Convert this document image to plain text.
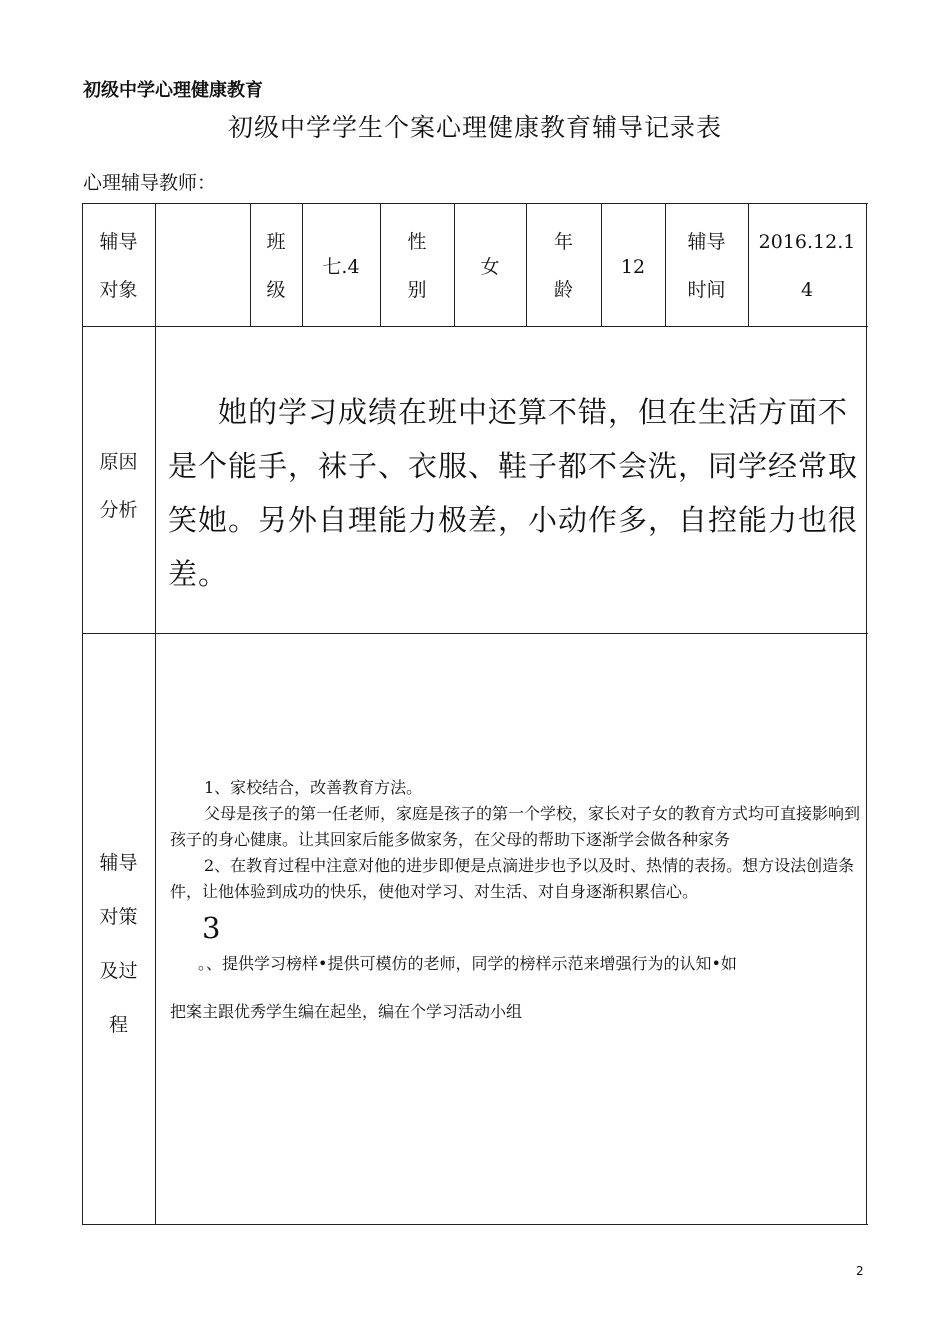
初级中学心理健康教育
初级中学学生个案心理健康教育辅导记录表
心理辅导教师：
辅导
对象
班
级
七.4
性
别
女
年
龄
12
辅导
时间
2016.12.1
4
原因
分析
她的学习成绩在班中还算不错，但在生活方面不是个能手，袜子、衣服、鞋子都不会洗，同学经常取笑她。另外自理能力极差，小动作多，自控能力也很差。
辅导
对策
及过
程

1、家校结合，改善教育方法。

父母是孩子的第一任老师，家庭是孩子的第一个学校，家长对子女的教育方式均可直接影响到孩子的身心健康。让其回家后能多做家务，在父母的帮助下逐渐学会做各种家务

2、在教育过程中注意对他的进步即便是点滴进步也予以及时、热情的表扬。想方设法创造条件，让他体验到成功的快乐，使他对学习、对生活、对自身逐渐积累信心。

3

。、提供学习榜样•提供可模仿的老师，同学的榜样示范来增强行为的认知•如

把案主跟优秀学生编在起坐，编在个学习活动小组

2
